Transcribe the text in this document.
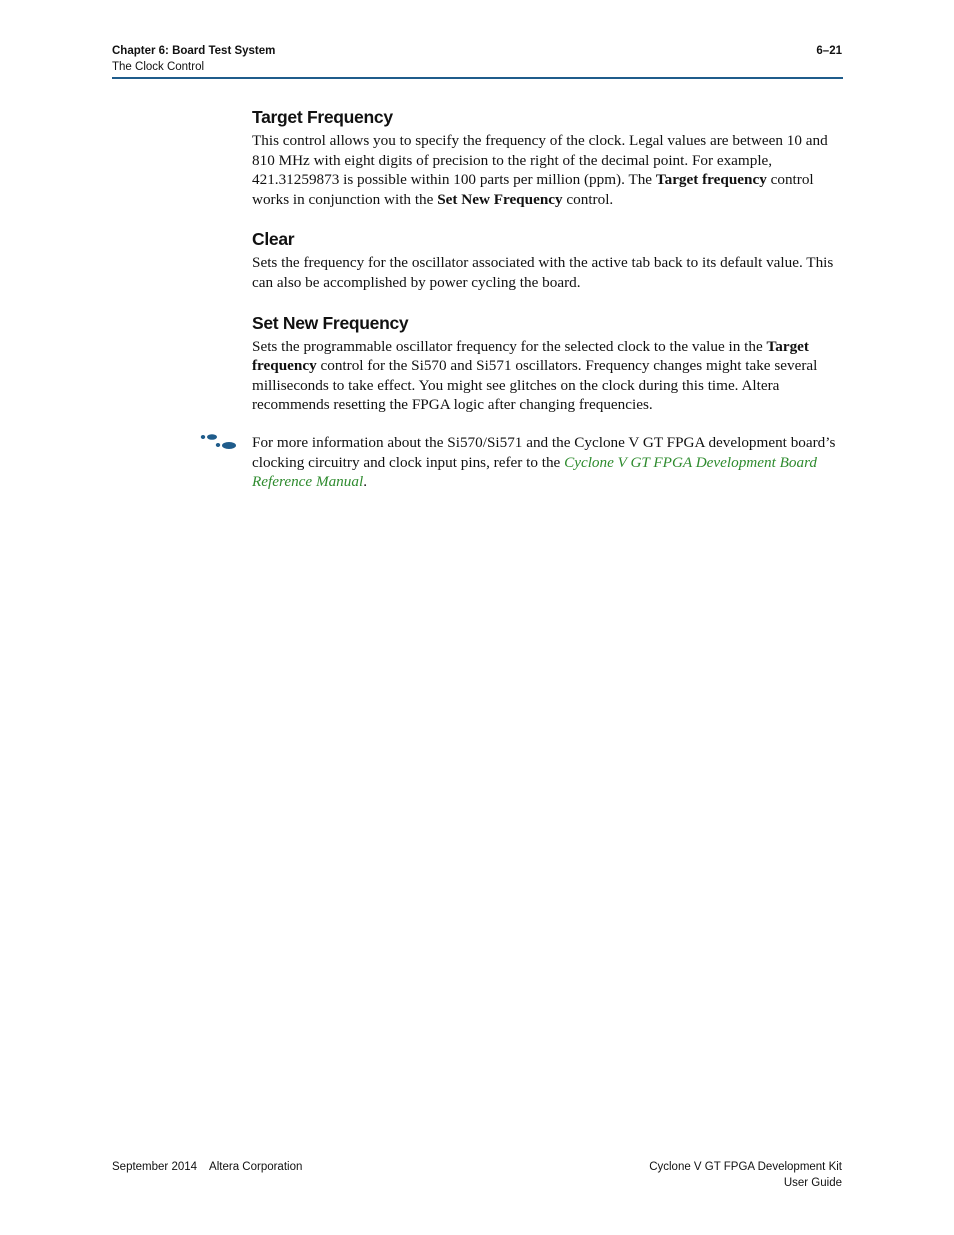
Chapter 6: Board Test System
The Clock Control
6–21
Target Frequency

This control allows you to specify the frequency of the clock. Legal values are between 10 and 810 MHz with eight digits of precision to the right of the decimal point. For example, 421.31259873 is possible within 100 parts per million (ppm). The Target frequency control works in conjunction with the Set New Frequency control.

Clear

Sets the frequency for the oscillator associated with the active tab back to its default value. This can also be accomplished by power cycling the board.

Set New Frequency

Sets the programmable oscillator frequency for the selected clock to the value in the Target frequency control for the Si570 and Si571 oscillators. Frequency changes might take several milliseconds to take effect. You might see glitches on the clock during this time. Altera recommends resetting the FPGA logic after changing frequencies.

For more information about the Si570/Si571 and the Cyclone V GT FPGA development board’s clocking circuitry and clock input pins, refer to the Cyclone V GT FPGA Development Board Reference Manual.

September 2014 Altera Corporation	Cyclone V GT FPGA Development Kit
User Guide
